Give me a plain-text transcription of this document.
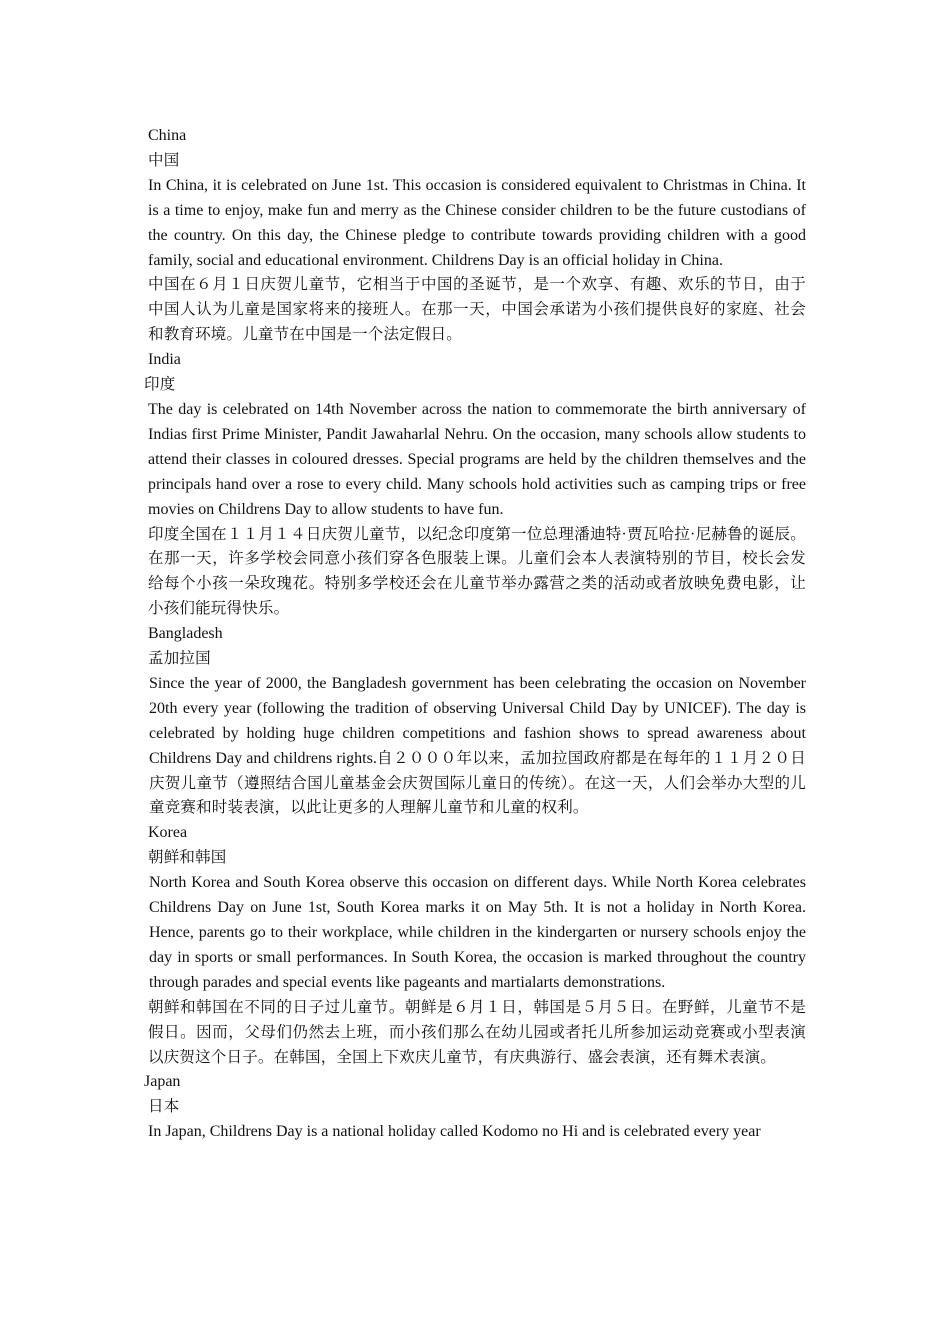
China

中国

In China, it is celebrated on June 1st. This occasion is considered equivalent to Christmas in China. It is a time to enjoy, make fun and merry as the Chinese consider children to be the future custodians of the country. On this day, the Chinese pledge to contribute towards providing children with a good family, social and educational environment. Childrens Day is an official holiday in China.

中国在６月１日庆贺儿童节，它相当于中国的圣诞节，是一个欢享、有趣、欢乐的节日，由于中国人认为儿童是国家将来的接班人。在那一天，中国会承诺为小孩们提供良好的家庭、社会和教育环境。儿童节在中国是一个法定假日。

India

印度

The day is celebrated on 14th November across the nation to commemorate the birth anniversary of Indias first Prime Minister, Pandit Jawaharlal Nehru. On the occasion, many schools allow students to attend their classes in coloured dresses. Special programs are held by the children themselves and the principals hand over a rose to every child. Many schools hold activities such as camping trips or free movies on Childrens Day to allow students to have fun.

印度全国在１１月１４日庆贺儿童节，以纪念印度第一位总理潘迪特·贾瓦哈拉·尼赫鲁的诞辰。在那一天，许多学校会同意小孩们穿各色服装上课。儿童们会本人表演特别的节目，校长会发给每个小孩一朵玫瑰花。特别多学校还会在儿童节举办露营之类的活动或者放映免费电影，让小孩们能玩得快乐。

Bangladesh

孟加拉国

Since the year of 2000, the Bangladesh government has been celebrating the occasion on November 20th every year (following the tradition of observing Universal Child Day by UNICEF). The day is celebrated by holding huge children competitions and fashion shows to spread awareness about Childrens Day and childrens rights.自２０００年以来，孟加拉国政府都是在每年的１１月２０日庆贺儿童节（遵照结合国儿童基金会庆贺国际儿童日的传统）。在这一天，人们会举办大型的儿童竞赛和时装表演，以此让更多的人理解儿童节和儿童的权利。

Korea

朝鲜和韩国

North Korea and South Korea observe this occasion on different days. While North Korea celebrates Childrens Day on June 1st, South Korea marks it on May 5th. It is not a holiday in North Korea. Hence, parents go to their workplace, while children in the kindergarten or nursery schools enjoy the day in sports or small performances. In South Korea, the occasion is marked throughout the country through parades and special events like pageants and martialarts demonstrations.

朝鲜和韩国在不同的日子过儿童节。朝鲜是６月１日，韩国是５月５日。在野鲜，儿童节不是假日。因而，父母们仍然去上班，而小孩们那么在幼儿园或者托儿所参加运动竞赛或小型表演以庆贺这个日子。在韩国，全国上下欢庆儿童节，有庆典游行、盛会表演，还有舞术表演。

Japan

日本

In Japan, Childrens Day is a national holiday called Kodomo no Hi and is celebrated every year
